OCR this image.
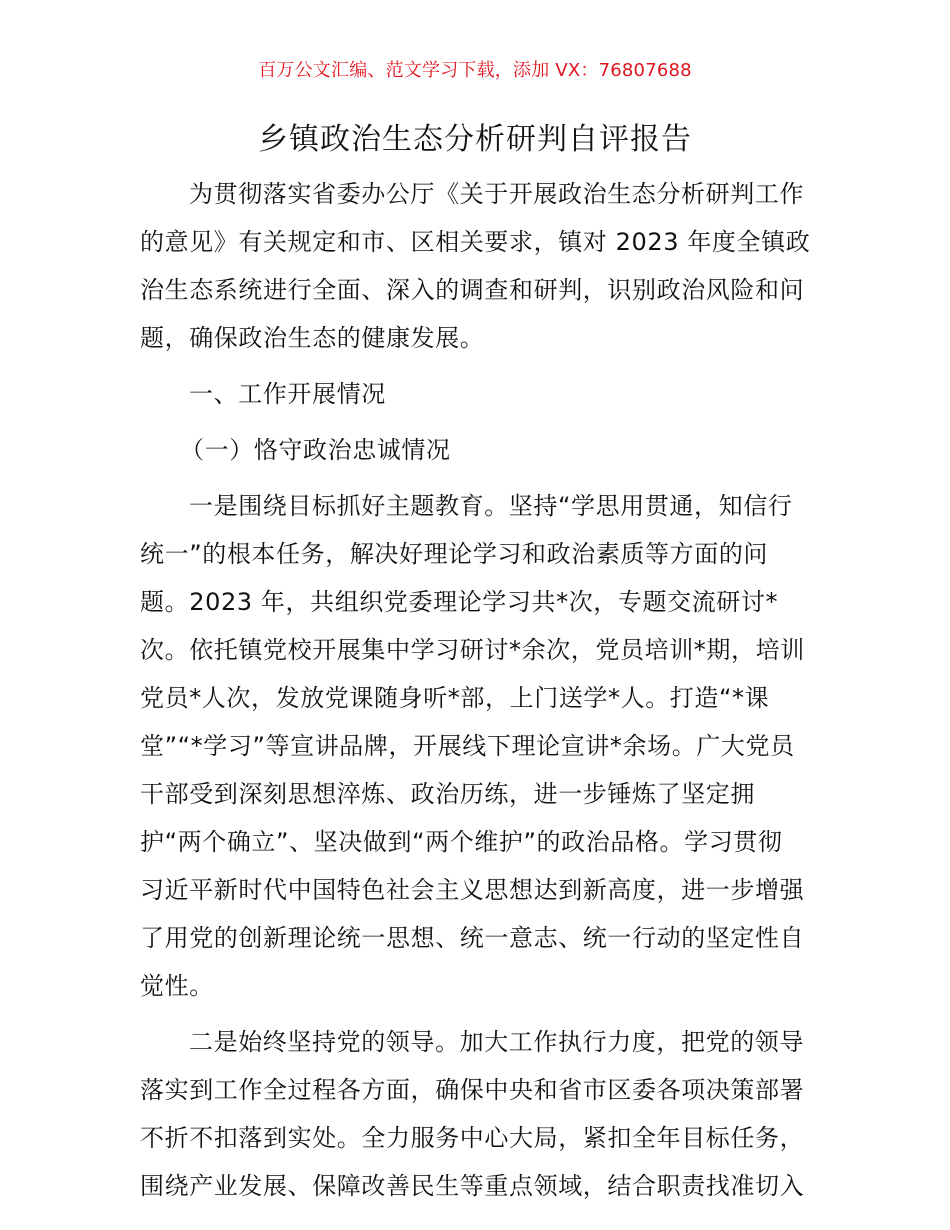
百万公文汇编、范文学习下载，添加 VX：76807688
乡镇政治生态分析研判自评报告
为贯彻落实省委办公厅《关于开展政治生态分析研判工作
的意见》有关规定和市、区相关要求，镇对 2023 年度全镇政
治生态系统进行全面、深入的调查和研判，识别政治风险和问
题，确保政治生态的健康发展。
一、工作开展情况
（一）恪守政治忠诚情况
一是围绕目标抓好主题教育。坚持“学思用贯通，知信行
统一”的根本任务，解决好理论学习和政治素质等方面的问
题。2023 年，共组织党委理论学习共*次，专题交流研讨*
次。依托镇党校开展集中学习研讨*余次，党员培训*期，培训
党员*人次，发放党课随身听*部，上门送学*人。打造“*课
堂”“*学习”等宣讲品牌，开展线下理论宣讲*余场。广大党员
干部受到深刻思想淬炼、政治历练，进一步锤炼了坚定拥
护“两个确立”、坚决做到“两个维护”的政治品格。学习贯彻
习近平新时代中国特色社会主义思想达到新高度，进一步增强
了用党的创新理论统一思想、统一意志、统一行动的坚定性自
觉性。
二是始终坚持党的领导。加大工作执行力度，把党的领导
落实到工作全过程各方面，确保中央和省市区委各项决策部署
不折不扣落到实处。全力服务中心大局，紧扣全年目标任务，
围绕产业发展、保障改善民生等重点领域，结合职责找准切入
